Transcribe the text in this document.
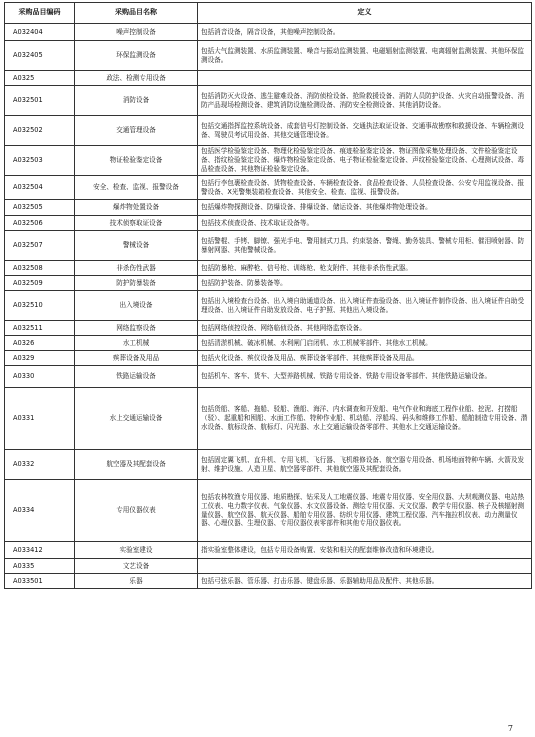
采购品目编码	采购品目名称	定义
A032404	噪声控制设备	包括消音设备，隔音设备，其他噪声控制设备。
A032405	环保监测设备	包括大气监测装置、水质监测装置、噪音与振动监测装置、电磁辐射监测装置、电离辐射监测装置、其他环保监测设备。
A0325	政法、检测专用设备	
A032501	消防设备	包括消防灭火设备、逃生避难设备、消防侦检设备、抢险救援设备、消防人员防护设备、火灾自动报警设备、消防产品现场检测设备、建筑消防设施检测设备、消防安全检测设备、其他消防设备。
A032502	交通管理设备	包括交通指挥监控系统设备、成套信号灯控制设备、交通执法取证设备、交通事故勘察和救援设备、车辆检测设备、驾驶员考试用设备、其他交通管理设备。
A032503	物证检验鉴定设备	包括医学检验鉴定设备、物理化检验鉴定设备、痕迹检验鉴定设备、物证图像采集处理设备、文件检验鉴定设备、指纹检验鉴定设备、爆炸物检验鉴定设备、电子物证检验鉴定设备、声纹检验鉴定设备、心理测试设备、毒品检查设备、其他物证检验鉴定设备。
A032504	安全、检查、监视、报警设备	包括行李包裹检查设备、货物检查设备、车辆检查设备、食品检查设备、人员检查设备、公安专用监视设备、报警设备、X光警集装箱检查设备、其他安全、检查、监视、报警设备。
A032505	爆炸物处置设备	包括爆炸物探测设备、防爆设备、排爆设备、储运设备、其他爆炸物处理设备。
A032506	技术侦察取证设备	包括技术侦查设备、技术取证设备等。
A032507	警械设备	包括警棍、手铐、脚镣、强光手电、警用制式刀具、约束装备、警绳、勤务装具、警械专用柜、催泪喷射器、防暴射网器、其他警械设备。
A032508	非杀伤性武器	包括防暴枪、麻醉枪、信号枪、训练枪、枪支附件、其他非杀伤性武器。
A032509	防护防暴装备	包括防护装备、防暴装备等。
A032510	出入境设备	包括出入境检查台设备、出入境自助通道设备、出入境证件查验设备、出入境证件制作设备、出入境证件自助受理设备、出入境证件自助发放设备、电子护照、其他出入境设备。
A032511	网络监察设备	包括网络侦控设备、网络临侦设备、其他网络监察设备。
A0326	水工机械	包括清淤机械、破冰机械、水利闸门启闭机、水工机械零部件、其他水工机械。
A0329	殡葬设备及用品	包括火化设备、殡仪设备及用品、殡葬设备零部件、其他殡葬设备及用品。
A0330	铁路运输设备	包括机车、客车、货车、大型养路机械、铁路专用设备、铁路专用设备零部件、其他铁路运输设备。
A0331	水上交通运输设备	包括货船、客船、拖船、驳船、渔船、海洋、内水调查和开发船、电气作业和海底工程作业船、挖泥、打捞船（驳）、起重船和囤船、水面工作船、特种作业船、机动船、浮船坞、码头和维修工作船、船舶制造专用设备、潜水设备、航标设备、航标灯、闪光器、水上交通运输设备零部件、其他水上交通运输设备。
A0332	航空器及其配套设备	包括固定翼飞机、直升机、专用飞机、飞行器、飞机维修设备、航空器专用设备、机场地面特种车辆、火箭及发射、维护设施、人造卫星、航空器零部件、其他航空器及其配套设备。
A0334	专用仪器仪表	包括农林牧渔专用仪器、地质勘探、钻采及人工地震仪器、地震专用仪器、安全用仪器、大坝观测仪器、电站热工仪表、电力数字仪表、气象仪器、水文仪器设备、测绘专用仪器、天文仪器、教学专用仪器、核子及核辐射测量仪器、航空仪器、航天仪器、船舶专用仪器、纺织专用仪器、建筑工程仪器、汽车拖拉机仪表、动力测量仪器、心理仪器、生理仪器、专用仪器仪表零部件和其他专用仪器仪表。
A033412	实验室建设	指实验室整体建设，包括专用设备购置、安装和相关的配套维修改造和环境建设。
A0335	文艺设备	
A033501	乐器	包括弓弦乐器、管乐器、打击乐器、键盘乐器、乐器辅助用品及配件、其他乐器。
7
